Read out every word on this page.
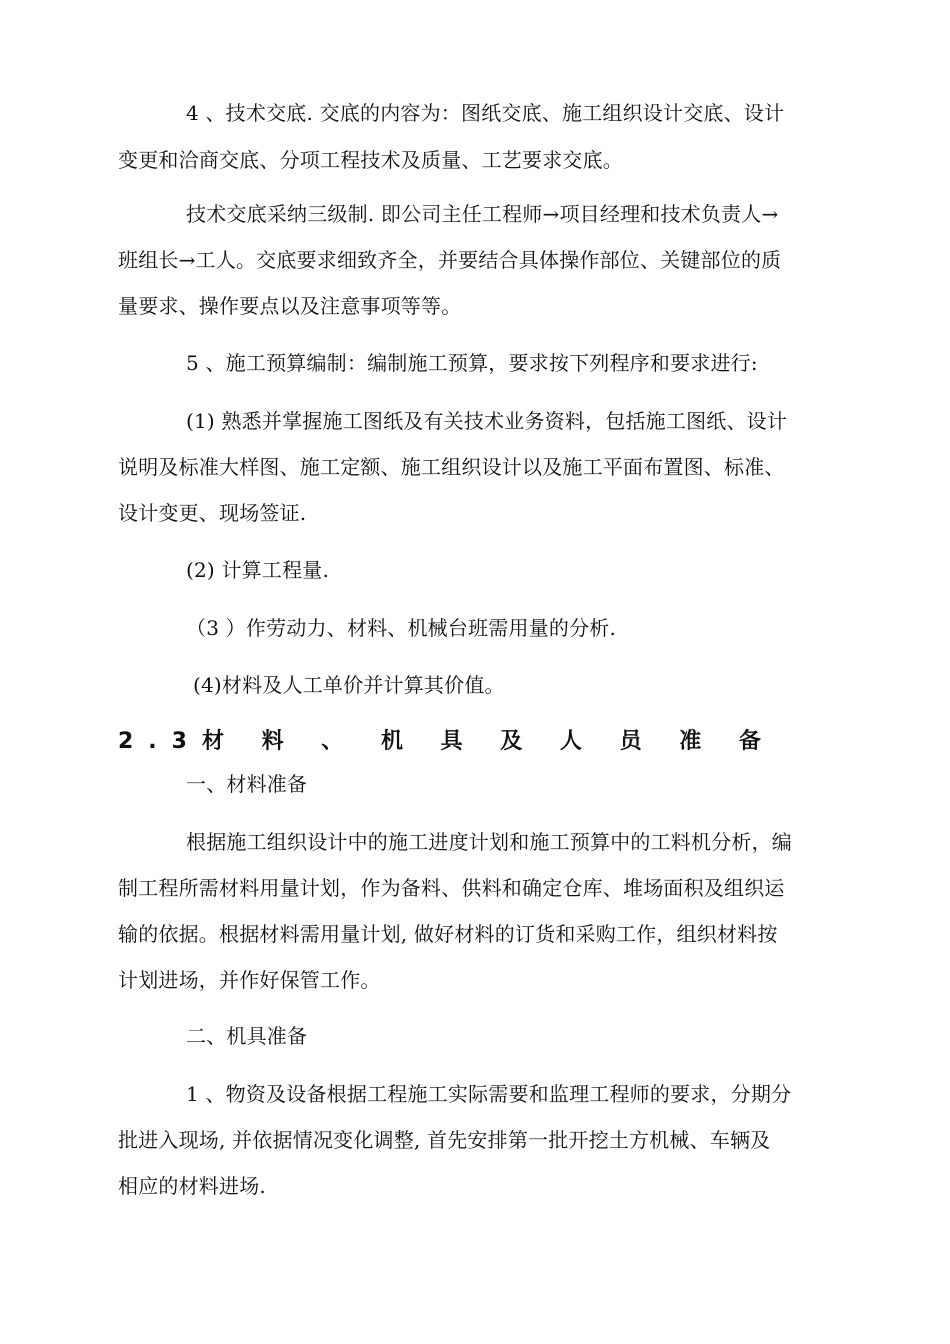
4 、技术交底. 交底的内容为：图纸交底、施工组织设计交底、设计
变更和洽商交底、分项工程技术及质量、工艺要求交底。
技术交底采纳三级制. 即公司主任工程师→项目经理和技术负责人→
班组长→工人。交底要求细致齐全，并要结合具体操作部位、关键部位的质
量要求、操作要点以及注意事项等等。
5 、施工预算编制：编制施工预算，要求按下列程序和要求进行:
(1) 熟悉并掌握施工图纸及有关技术业务资料，包括施工图纸、设计
说明及标准大样图、施工定额、施工组织设计以及施工平面布置图、标准、
设计变更、现场签证.
(2) 计算工程量.
（3 ）作劳动力、材料、机械台班需用量的分析.
(4)材料及人工单价并计算其价值。
2.3材 料 、 机 具 及 人 员 准 备
一、材料准备
根据施工组织设计中的施工进度计划和施工预算中的工料机分析，编
制工程所需材料用量计划，作为备料、供料和确定仓库、堆场面积及组织运
输的依据。根据材料需用量计划, 做好材料的订货和采购工作，组织材料按
计划进场，并作好保管工作。
二、机具准备
1 、物资及设备根据工程施工实际需要和监理工程师的要求，分期分
批进入现场, 并依据情况变化调整, 首先安排第一批开挖土方机械、车辆及
相应的材料进场.
